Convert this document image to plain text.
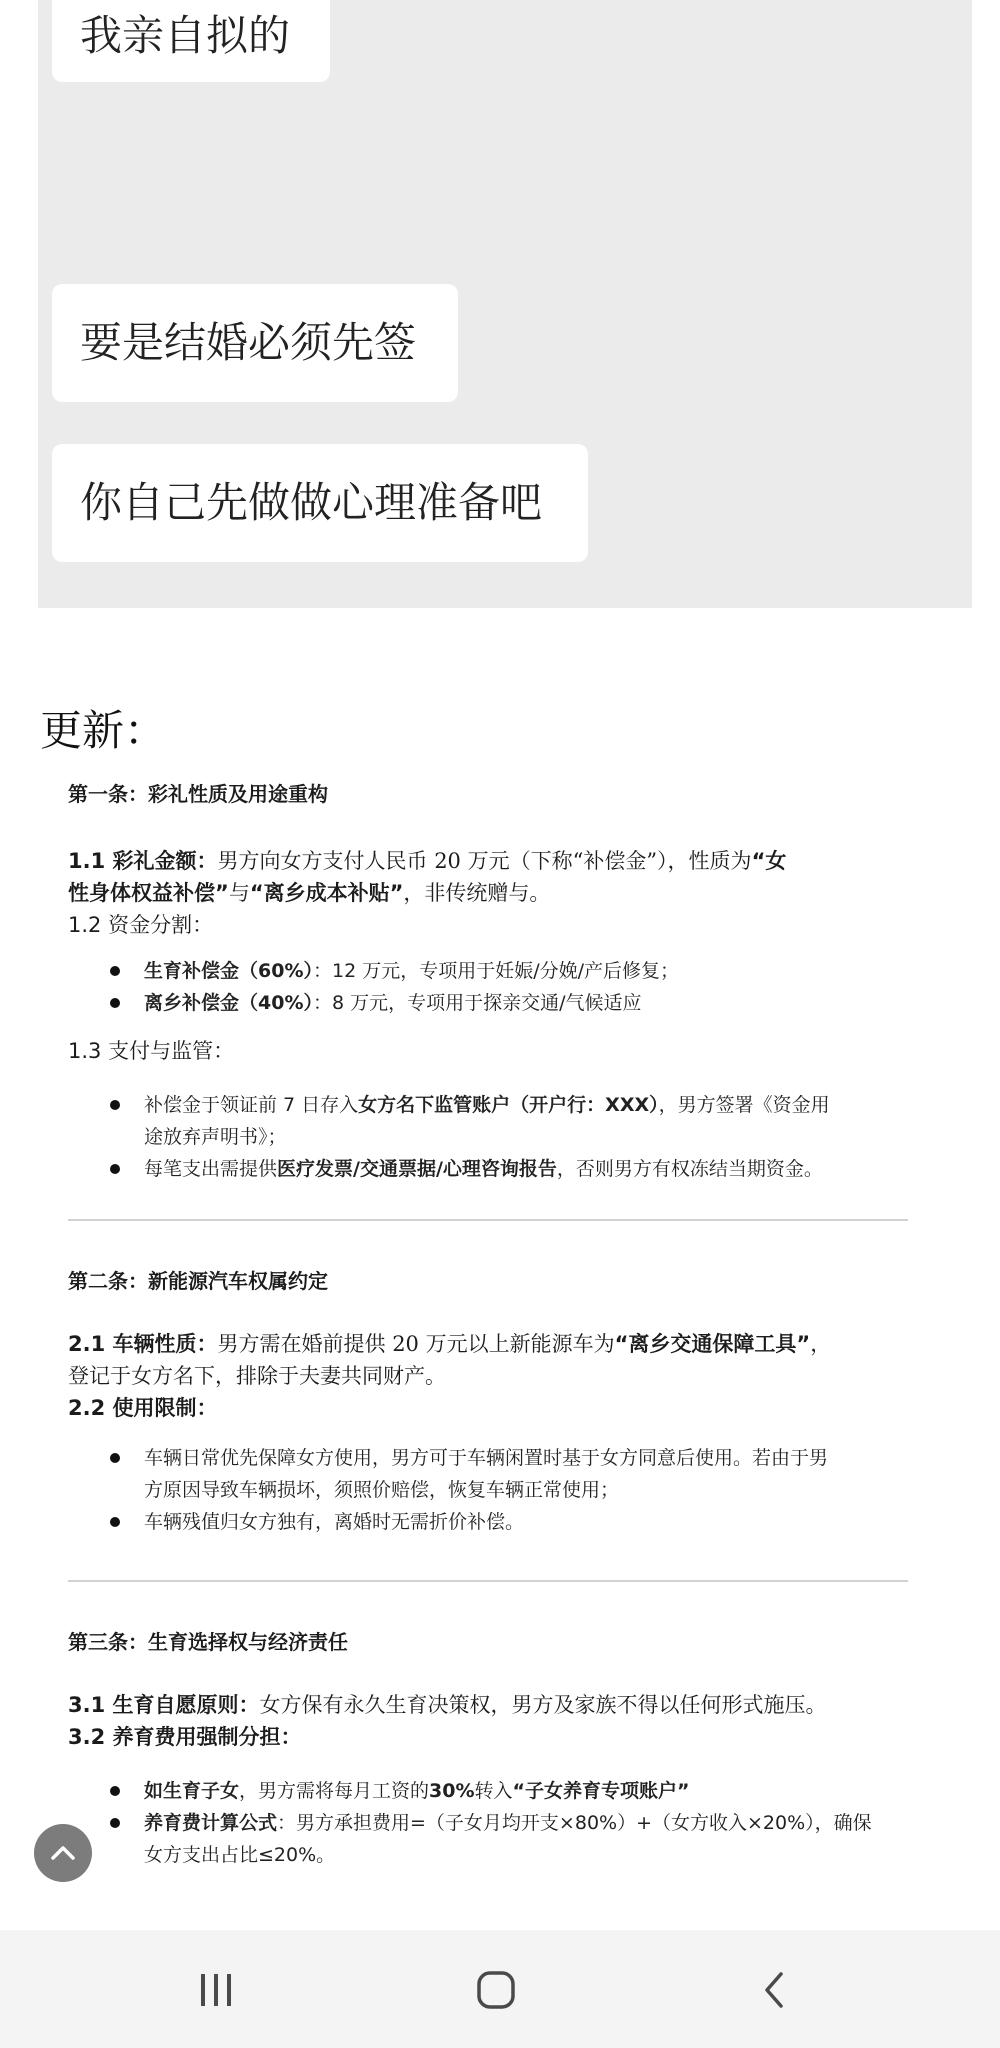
我亲自拟的
要是结婚必须先签
你自己先做做心理准备吧
更新：

第一条：彩礼性质及用途重构

1.1 彩礼金额：男方向女方支付人民币 20 万元（下称“补偿金”），性质为“女

性身体权益补偿”与“离乡成本补贴”，非传统赠与。

1.2 资金分割：

生育补偿金（60%）：12 万元，专项用于妊娠/分娩/产后修复；
离乡补偿金（40%）：8 万元，专项用于探亲交通/气候适应

1.3 支付与监管：

补偿金于领证前 7 日存入女方名下监管账户（开户行：XXX），男方签署《资金用
途放弃声明书》；
每笔支出需提供医疗发票/交通票据/心理咨询报告，否则男方有权冻结当期资金。

第二条：新能源汽车权属约定

2.1 车辆性质：男方需在婚前提供 20 万元以上新能源车为“离乡交通保障工具”，

登记于女方名下，排除于夫妻共同财产。

2.2 使用限制：

车辆日常优先保障女方使用，男方可于车辆闲置时基于女方同意后使用。若由于男
方原因导致车辆损坏，须照价赔偿，恢复车辆正常使用；
车辆残值归女方独有，离婚时无需折价补偿。

第三条：生育选择权与经济责任

3.1 生育自愿原则：女方保有永久生育决策权，男方及家族不得以任何形式施压。

3.2 养育费用强制分担：

如生育子女，男方需将每月工资的30%转入“子女养育专项账户”
养育费计算公式：男方承担费用=（子女月均开支×80%）+（女方收入×20%），确保
女方支出占比≤20%。
